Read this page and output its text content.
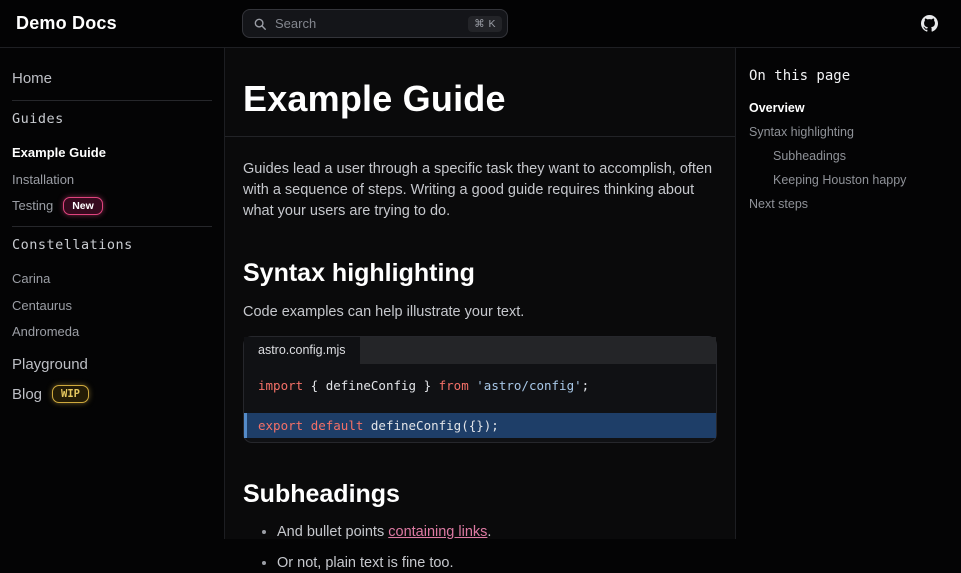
Demo Docs	Search	⌘ K
Home
Guides
Example Guide
Installation
Testing	New
Constellations
Carina
Centaurus
Andromeda
Playground
Blog	WIP
Example Guide

Guides lead a user through a specific task they want to accomplish, often with a sequence of steps. Writing a good guide requires thinking about what your users are trying to do.

Syntax highlighting

Code examples can help illustrate your text.

astro.config.mjs
import { defineConfig } from 'astro/config';
export default defineConfig({});
Subheadings
• And bullet points containing links.
• Or not, plain text is fine too.
On this page
Overview
Syntax highlighting
Subheadings
Keeping Houston happy
Next steps
